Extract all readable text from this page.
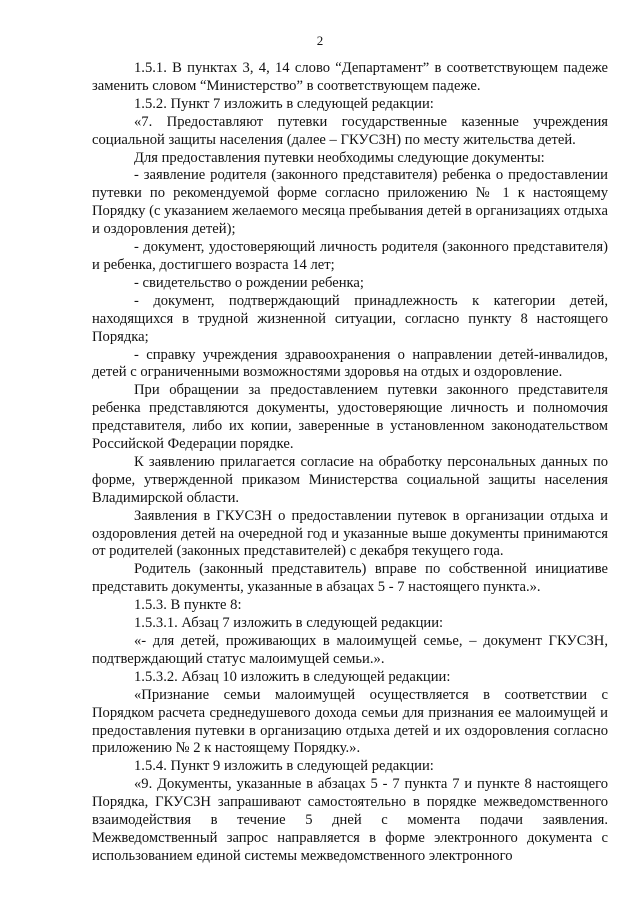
2

1.5.1. В пунктах 3, 4, 14 слово “Департамент” в соответствующем падеже заменить словом “Министерство” в соответствующем падеже.

1.5.2. Пункт 7 изложить в следующей редакции:

«7. Предоставляют путевки государственные казенные учреждения социальной защиты населения (далее – ГКУСЗН) по месту жительства детей.

Для предоставления путевки необходимы следующие документы:

- заявление родителя (законного представителя) ребенка о предоставлении путевки по рекомендуемой форме согласно приложению № 1 к настоящему Порядку (с указанием желаемого месяца пребывания детей в организациях отдыха и оздоровления детей);

- документ, удостоверяющий личность родителя (законного представителя) и ребенка, достигшего возраста 14 лет;

- свидетельство о рождении ребенка;

- документ, подтверждающий принадлежность к категории детей, находящихся в трудной жизненной ситуации, согласно пункту 8 настоящего Порядка;

- справку учреждения здравоохранения о направлении детей-инвалидов, детей с ограниченными возможностями здоровья на отдых и оздоровление.

При обращении за предоставлением путевки законного представителя ребенка представляются документы, удостоверяющие личность и полномочия представителя, либо их копии, заверенные в установленном законодательством Российской Федерации порядке.

К заявлению прилагается согласие на обработку персональных данных по форме, утвержденной приказом Министерства социальной защиты населения Владимирской области.

Заявления в ГКУСЗН о предоставлении путевок в организации отдыха и оздоровления детей на очередной год и указанные выше документы принимаются от родителей (законных представителей) с декабря текущего года.

Родитель (законный представитель) вправе по собственной инициативе представить документы, указанные в абзацах 5 - 7 настоящего пункта.».

1.5.3. В пункте 8:

1.5.3.1. Абзац 7 изложить в следующей редакции:

«- для детей, проживающих в малоимущей семье, – документ ГКУСЗН, подтверждающий статус малоимущей семьи.».

1.5.3.2. Абзац 10 изложить в следующей редакции:

«Признание семьи малоимущей осуществляется в соответствии с Порядком расчета среднедушевого дохода семьи для признания ее малоимущей и предоставления путевки в организацию отдыха детей и их оздоровления согласно приложению № 2 к настоящему Порядку.».

1.5.4. Пункт 9 изложить в следующей редакции:

«9. Документы, указанные в абзацах 5 - 7 пункта 7 и пункте 8 настоящего Порядка, ГКУСЗН запрашивают самостоятельно в порядке межведомственного взаимодействия в течение 5 дней с момента подачи заявления. Межведомственный запрос направляется в форме электронного документа с использованием единой системы межведомственного электронного
